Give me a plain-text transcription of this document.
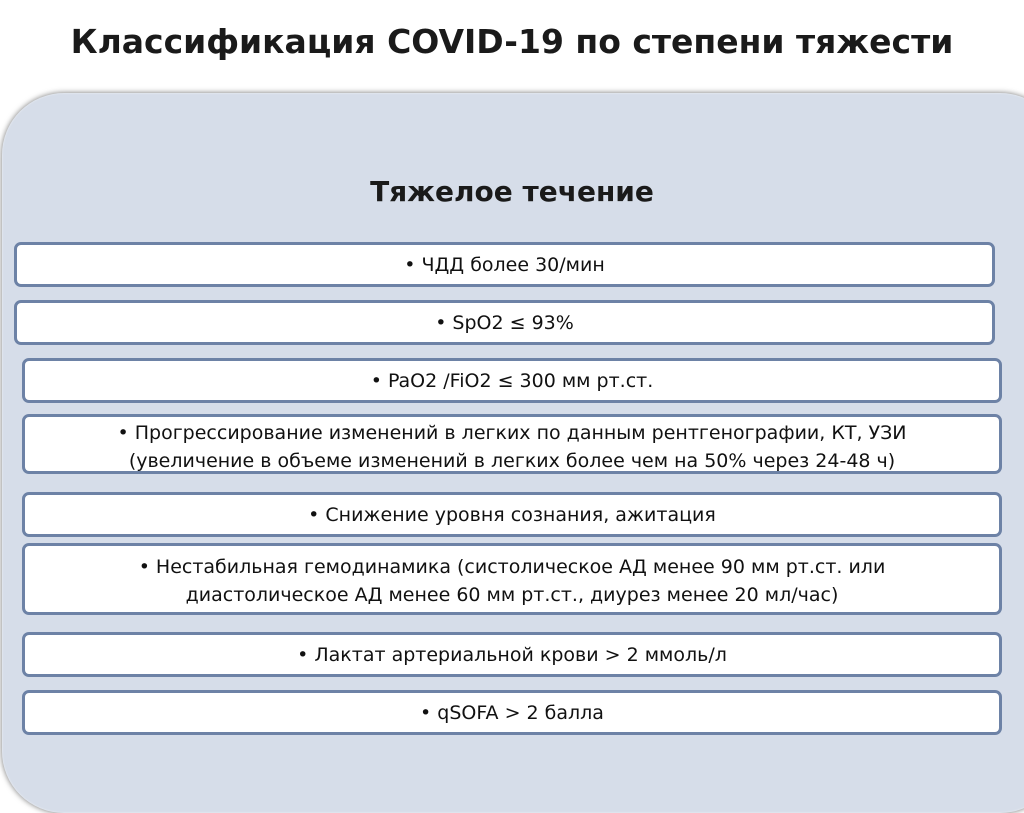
Классификация COVID-19 по степени тяжести
Тяжелое течение
• ЧДД более 30/мин
• SpO2 ≤ 93%
• PaO2 /FiO2 ≤ 300 мм рт.ст.
• Прогрессирование изменений в легких по данным рентгенографии, КТ, УЗИ
(увеличение в объеме изменений в легких более чем на 50% через 24-48 ч)
• Снижение уровня сознания, ажитация
• Нестабильная гемодинамика (систолическое АД менее 90 мм рт.ст. или
диастолическое АД менее 60 мм рт.ст., диурез менее 20 мл/час)
• Лактат артериальной крови > 2 ммоль/л
• qSOFA > 2 балла
